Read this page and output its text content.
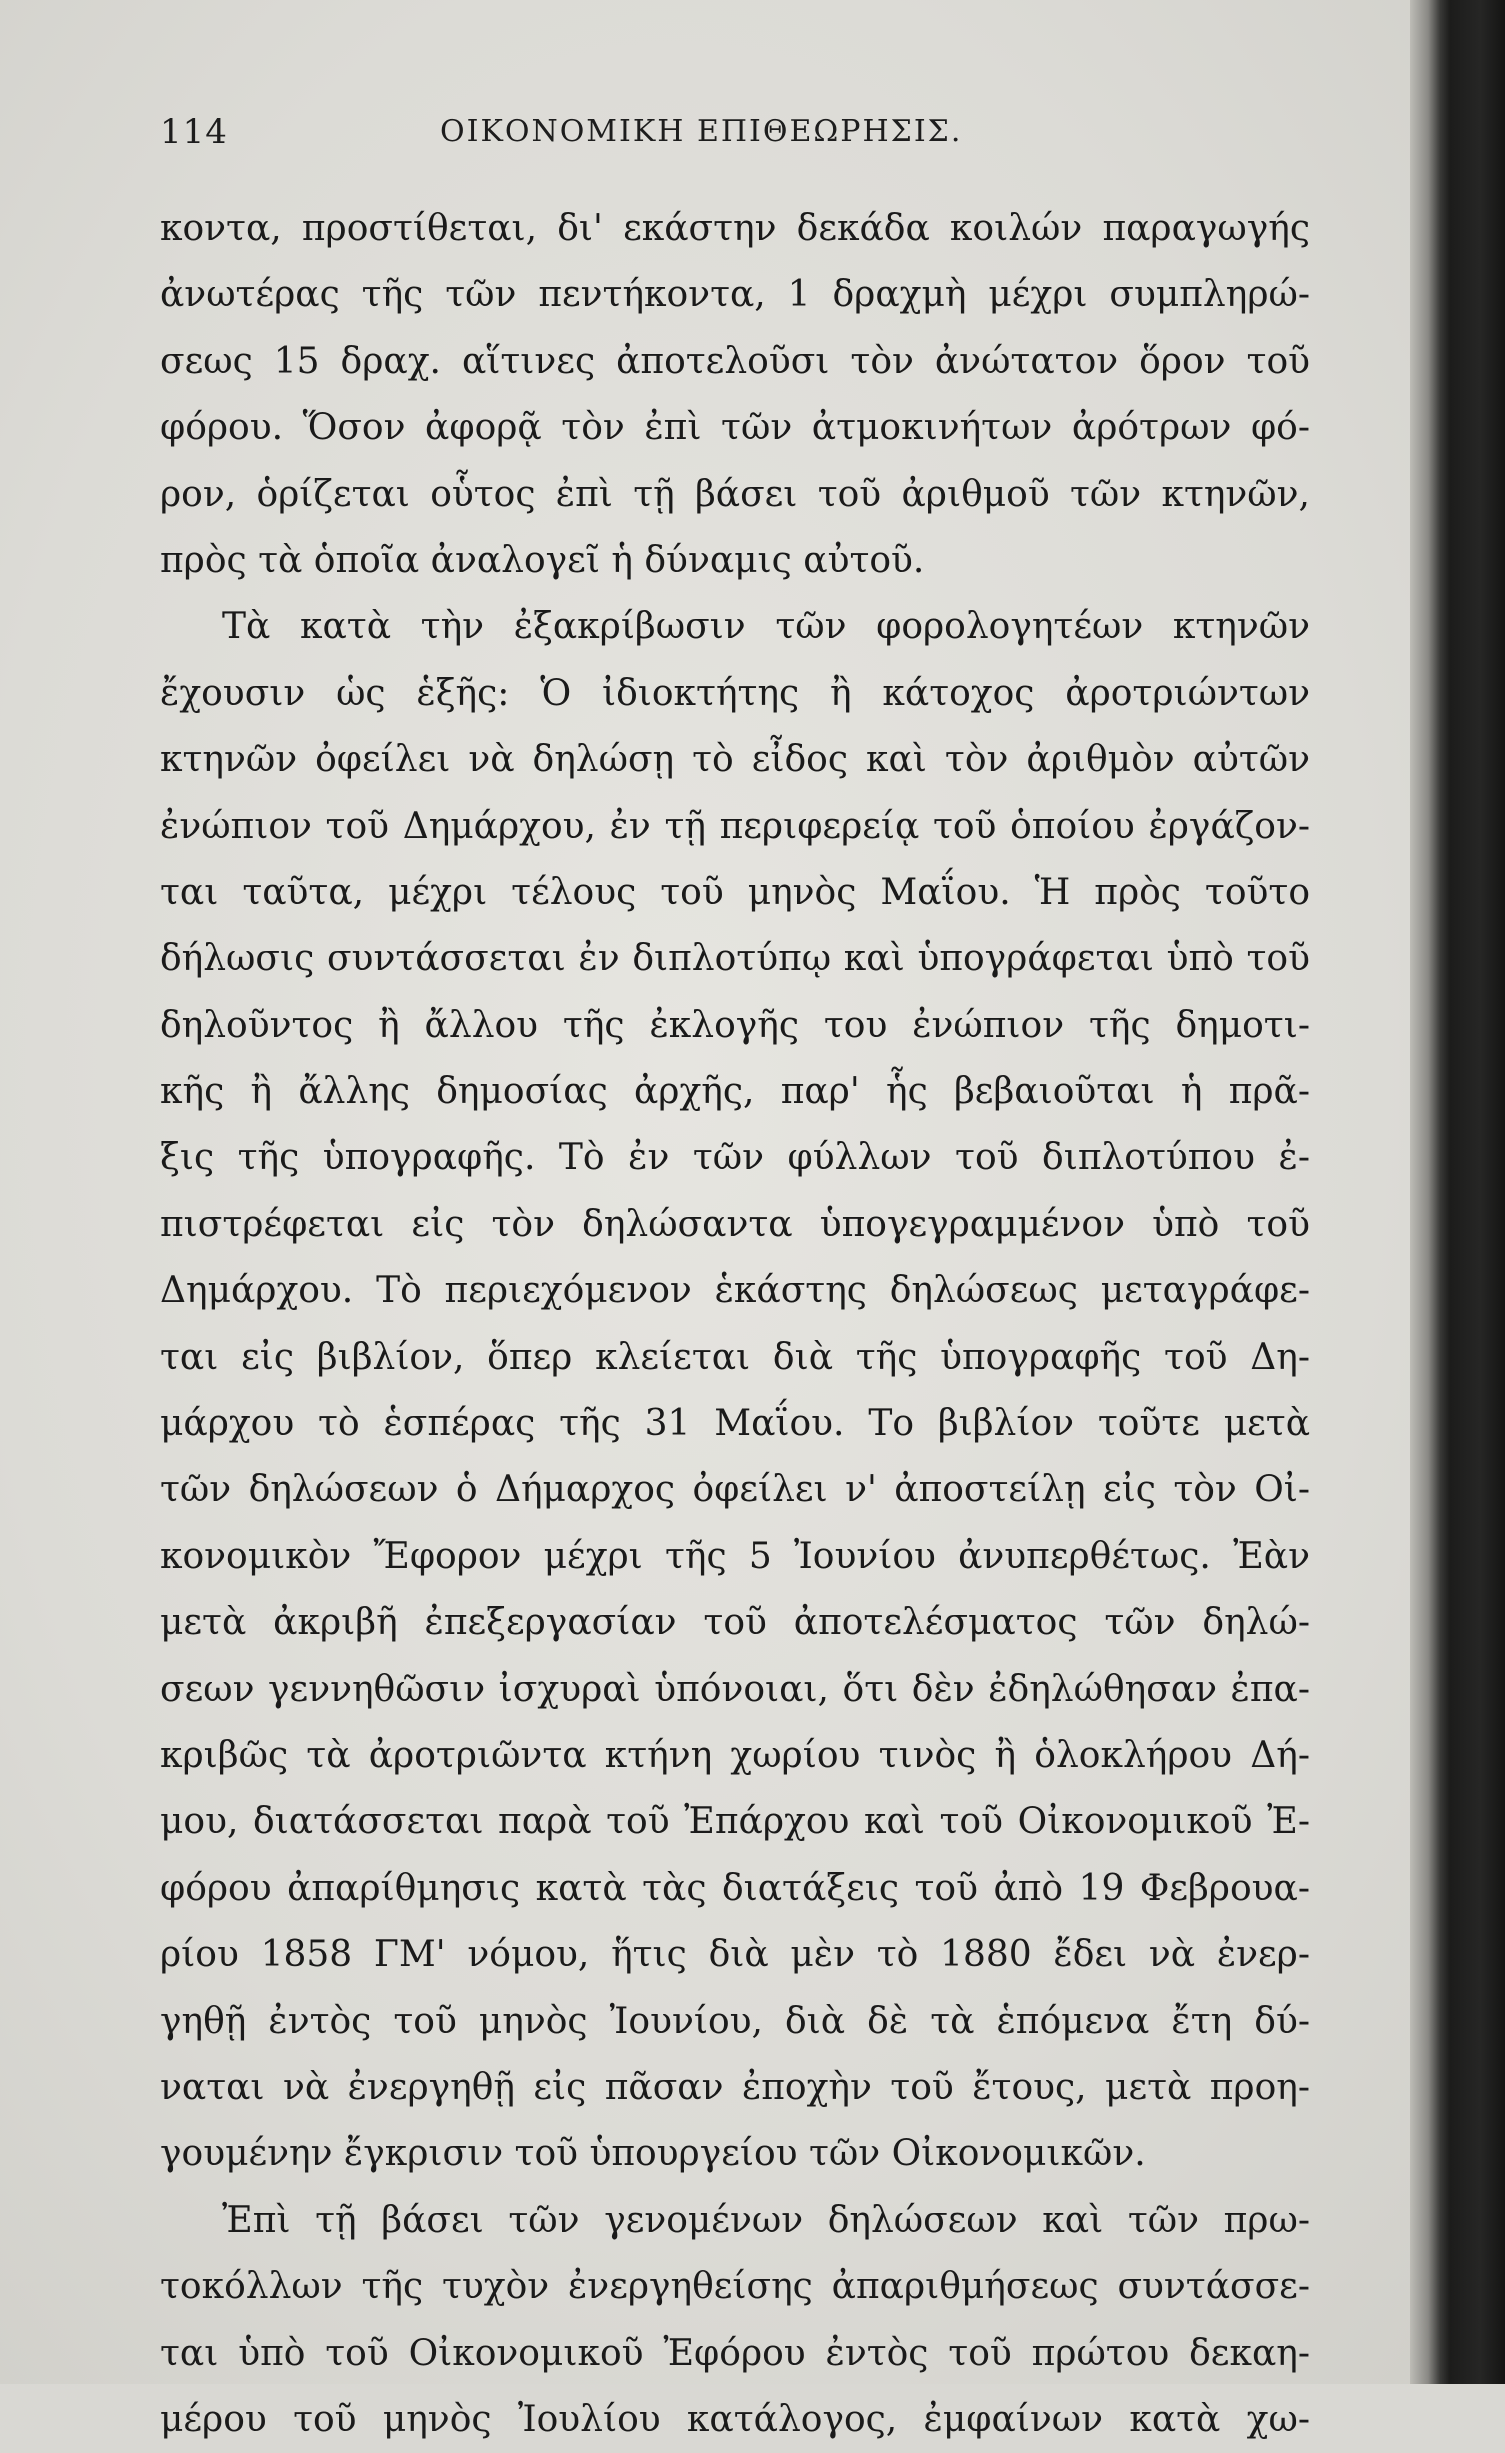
114	ΟΙΚΟΝΟΜΙΚΗ ΕΠΙΘΕΩΡΗΣΙΣ.
κοντα, προστίθεται, δι' εκάστην δεκάδα κοιλών παραγωγής
ἀνωτέρας τῆς τῶν πεντήκοντα, 1 δραχμὴ μέχρι συμπληρώ-
σεως 15 δραχ. αἵτινες ἀποτελοῦσι τὸν ἀνώτατον ὅρον τοῦ
φόρου. Ὅσον ἀφορᾷ τὸν ἐπὶ τῶν ἀτμοκινήτων ἀρότρων φό-
ρον, ὁρίζεται οὗτος ἐπὶ τῇ βάσει τοῦ ἀριθμοῦ τῶν κτηνῶν,
πρὸς τὰ ὁποῖα ἀναλογεῖ ἡ δύναμις αὐτοῦ.
Τὰ κατὰ τὴν ἐξακρίβωσιν τῶν φορολογητέων κτηνῶν
ἔχουσιν ὡς ἑξῆς: Ὁ ἰδιοκτήτης ἢ κάτοχος ἀροτριώντων
κτηνῶν ὀφείλει νὰ δηλώσῃ τὸ εἶδος καὶ τὸν ἀριθμὸν αὐτῶν
ἐνώπιον τοῦ Δημάρχου, ἐν τῇ περιφερείᾳ τοῦ ὁποίου ἐργάζον-
ται ταῦτα, μέχρι τέλους τοῦ μηνὸς Μαΐου. Ἡ πρὸς τοῦτο
δήλωσις συντάσσεται ἐν διπλοτύπῳ καὶ ὑπογράφεται ὑπὸ τοῦ
δηλοῦντος ἢ ἄλλου τῆς ἐκλογῆς του ἐνώπιον τῆς δημοτι-
κῆς ἢ ἄλλης δημοσίας ἀρχῆς, παρ' ἧς βεβαιοῦται ἡ πρᾶ-
ξις τῆς ὑπογραφῆς. Τὸ ἐν τῶν φύλλων τοῦ διπλοτύπου ἐ-
πιστρέφεται εἰς τὸν δηλώσαντα ὑπογεγραμμένον ὑπὸ τοῦ
Δημάρχου. Τὸ περιεχόμενον ἑκάστης δηλώσεως μεταγράφε-
ται εἰς βιβλίον, ὅπερ κλείεται διὰ τῆς ὑπογραφῆς τοῦ Δη-
μάρχου τὸ ἑσπέρας τῆς 31 Μαΐου. Το βιβλίον τοῦτε μετὰ
τῶν δηλώσεων ὁ Δήμαρχος ὀφείλει ν' ἀποστείλῃ εἰς τὸν Οἰ-
κονομικὸν Ἔφορον μέχρι τῆς 5 Ἰουνίου ἀνυπερθέτως. Ἐὰν
μετὰ ἀκριβῆ ἐπεξεργασίαν τοῦ ἀποτελέσματος τῶν δηλώ-
σεων γεννηθῶσιν ἰσχυραὶ ὑπόνοιαι, ὅτι δὲν ἐδηλώθησαν ἐπα-
κριβῶς τὰ ἀροτριῶντα κτήνη χωρίου τινὸς ἢ ὁλοκλήρου Δή-
μου, διατάσσεται παρὰ τοῦ Ἐπάρχου καὶ τοῦ Οἰκονομικοῦ Ἐ-
φόρου ἀπαρίθμησις κατὰ τὰς διατάξεις τοῦ ἀπὸ 19 Φεβρουα-
ρίου 1858 ΓΜ' νόμου, ἥτις διὰ μὲν τὸ 1880 ἔδει νὰ ἐνερ-
γηθῇ ἐντὸς τοῦ μηνὸς Ἰουνίου, διὰ δὲ τὰ ἑπόμενα ἔτη δύ-
ναται νὰ ἐνεργηθῇ εἰς πᾶσαν ἐποχὴν τοῦ ἔτους, μετὰ προη-
γουμένην ἔγκρισιν τοῦ ὑπουργείου τῶν Οἰκονομικῶν.
Ἐπὶ τῇ βάσει τῶν γενομένων δηλώσεων καὶ τῶν πρω-
τοκόλλων τῆς τυχὸν ἐνεργηθείσης ἀπαριθμήσεως συντάσσε-
ται ὑπὸ τοῦ Οἰκονομικοῦ Ἐφόρου ἐντὸς τοῦ πρώτου δεκαη-
μέρου τοῦ μηνὸς Ἰουλίου κατάλογος, ἐμφαίνων κατὰ χω-
